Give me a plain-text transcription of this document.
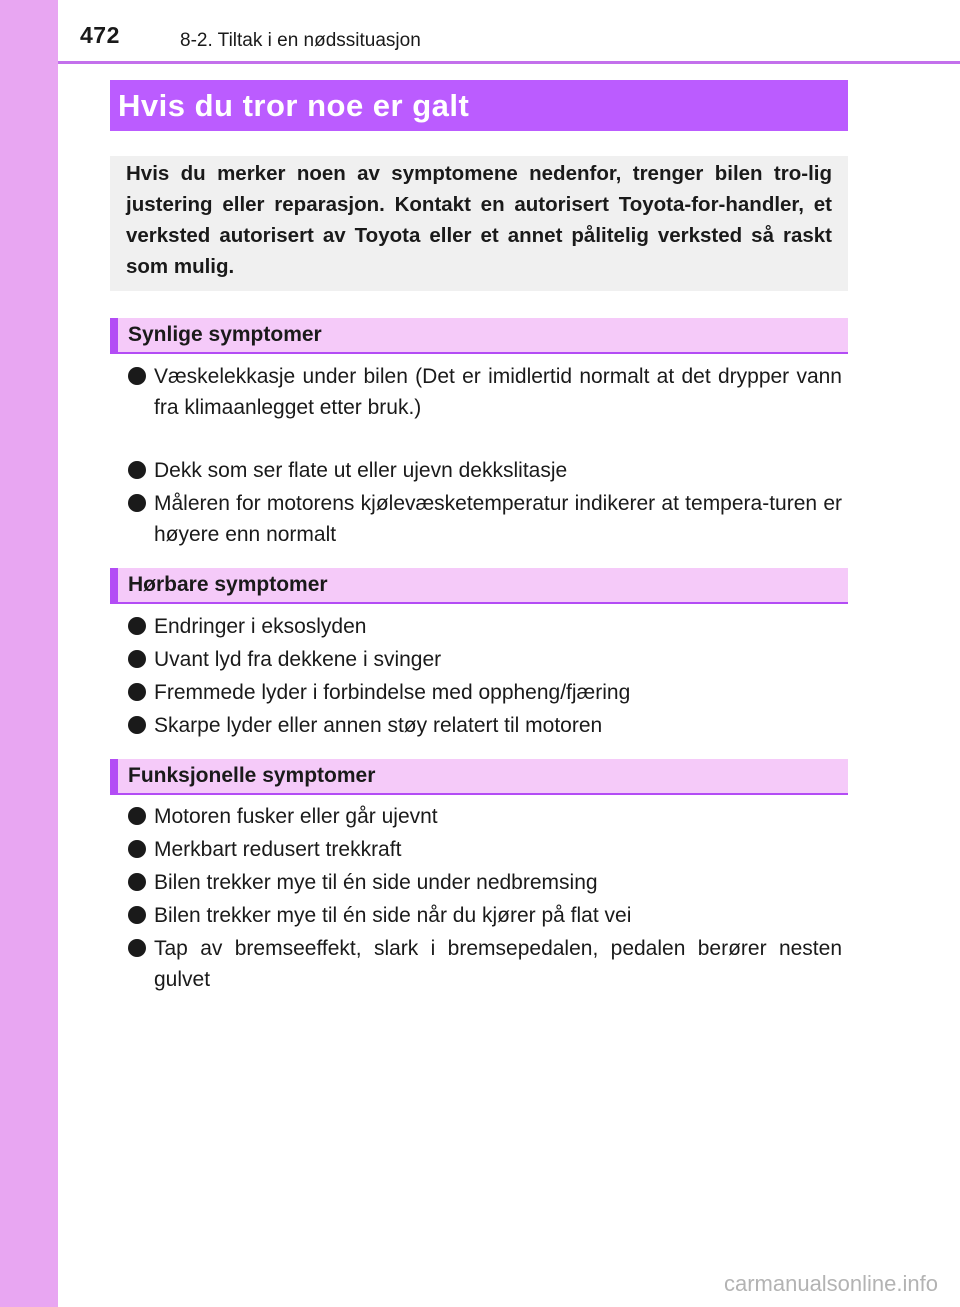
472	8-2. Tiltak i en nødssituasjon
Hvis du tror noe er galt

Hvis du merker noen av symptomene nedenfor, trenger bilen tro-lig justering eller reparasjon. Kontakt en autorisert Toyota-for-handler, et verksted autorisert av Toyota eller et annet pålitelig verksted så raskt som mulig.

Synlige symptomer
Væskelekkasje under bilen (Det er imidlertid normalt at det drypper vann fra klimaanlegget etter bruk.)
Dekk som ser flate ut eller ujevn dekkslitasje
Måleren for motorens kjølevæsketemperatur indikerer at tempera-turen er høyere enn normalt
Hørbare symptomer
Endringer i eksoslyden
Uvant lyd fra dekkene i svinger
Fremmede lyder i forbindelse med oppheng/fjæring
Skarpe lyder eller annen støy relatert til motoren
Funksjonelle symptomer
Motoren fusker eller går ujevnt
Merkbart redusert trekkraft
Bilen trekker mye til én side under nedbremsing
Bilen trekker mye til én side når du kjører på flat vei
Tap av bremseeffekt, slark i bremsepedalen, pedalen berører nesten gulvet
carmanualsonline.info
